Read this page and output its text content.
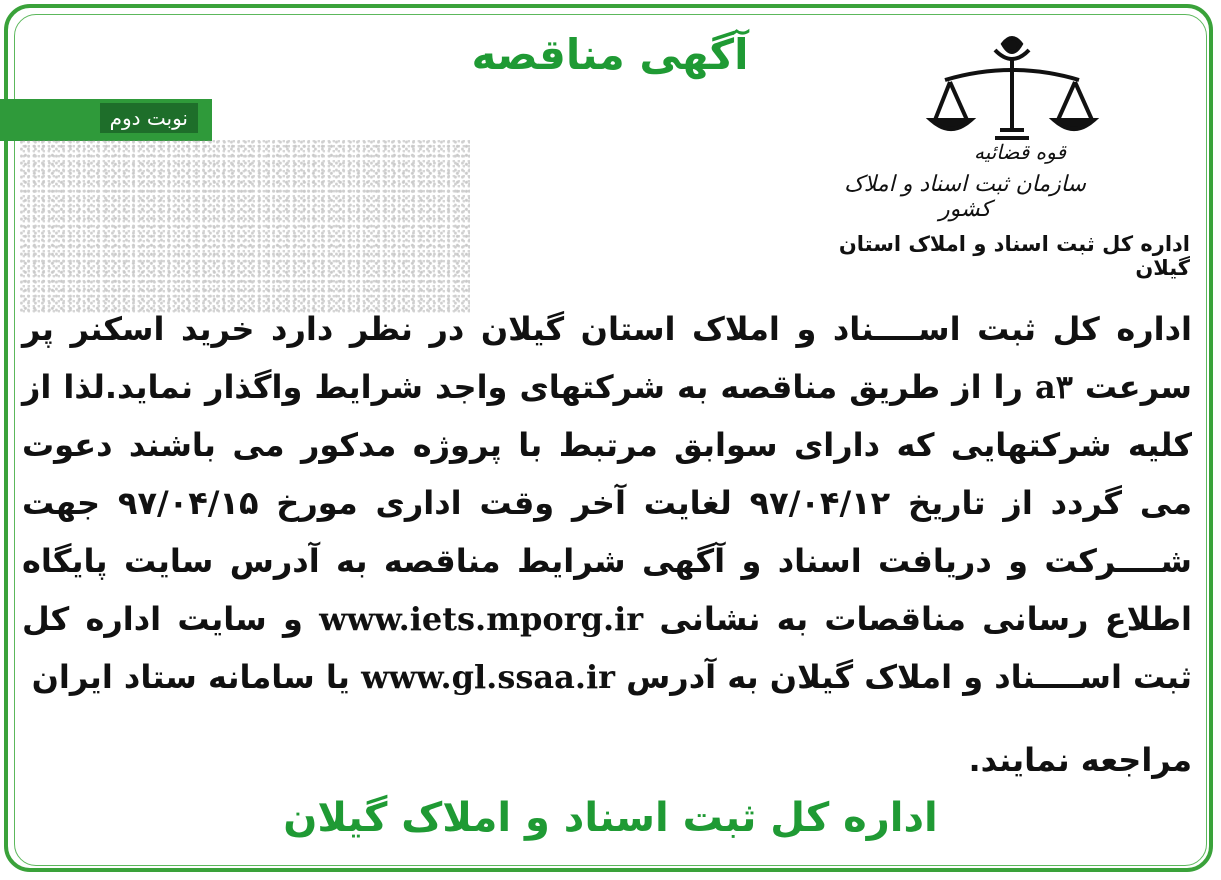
آگهی مناقصه
نوبت دوم
قوه قضائیه
سازمان ثبت اسناد و املاک کشور
اداره کل ثبت اسناد و املاک استان گیلان

اداره کل ثبت اســــناد و املاک استان گیلان در نظر دارد خرید اسکنر پر سرعت a۳ را از طریق مناقصه به شرکتهای واجد شرایط واگذار نماید.لذا از کلیه شرکتهایی که دارای سوابق مرتبط با پروژه مدکور می باشند دعوت می گردد از تاریخ ۹۷/۰۴/۱۲ لغایت آخر وقت اداری مورخ ۹۷/۰۴/۱۵ جهت شــــرکت و دریافت اسناد و آگهی شرایط مناقصه به آدرس سایت پایگاه اطلاع رسانی مناقصات به نشانی www.iets.mporg.ir و سایت اداره کل ثبت اســــناد و املاک گیلان به آدرس www.gl.ssaa.ir یا سامانه ستاد ایران

مراجعه نمایند.

اداره کل ثبت اسناد و املاک گیلان
